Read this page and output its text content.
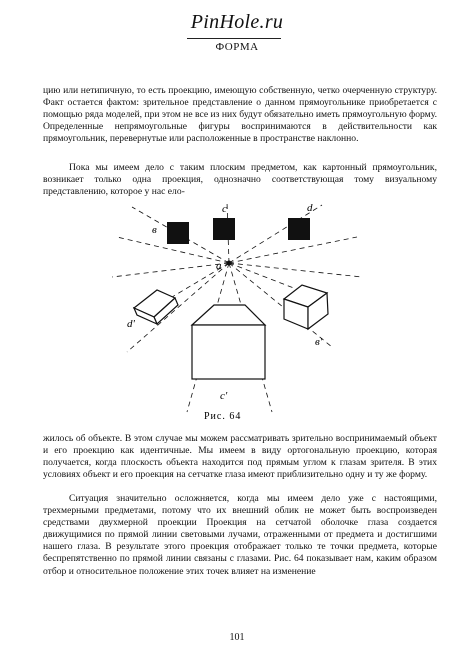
PinHole.ru
ФОРМА
цию или нетипичную, то есть проекцию, имеющую собственную, четко очерченную структуру. Факт остается фактом: зрительное представление о данном прямоугольнике приобретается с помощью ряда моделей, при этом не все из них будут обязательно иметь прямоугольную форму. Определенные непрямоугольные фигуры воспринимаются в действительности как прямоугольник, перевернутые или расположенные в пространстве наклонно.
Пока мы имеем дело с таким плоским предметом, как картонный прямоугольник, возникает только одна проекция, однозначно соответствующая тому визуальному представлению, которое у нас ело-
в
с	d
a
d'
в'
с'
Рис. 64
жилось об объекте. В этом случае мы можем рассматривать зрительно воспринимаемый объект и его проекцию как идентичные. Мы имеем в виду ортогональную проекцию, которая получается, когда плоскость объекта находится под прямым углом к глазам зрителя. В этих условиях объект и его проекция на сетчатке глаза имеют приблизительно одну и ту же форму.
Ситуация значительно осложняется, когда мы имеем дело уже с настоящими, трехмерными предметами, потому что их внешний облик не может быть воспроизведен средствами двухмерной проекции Проекция на сетчатой оболочке глаза создается движущимися по прямой линии световыми лучами, отраженными от предмета и достигшими нашего глаза. В результате этого проекция отображает только те точки предмета, которые беспрепятственно по прямой линии связаны с глазами. Рис. 64 показывает нам, каким образом отбор и относительное положение этих точек влияет на изменение
101
